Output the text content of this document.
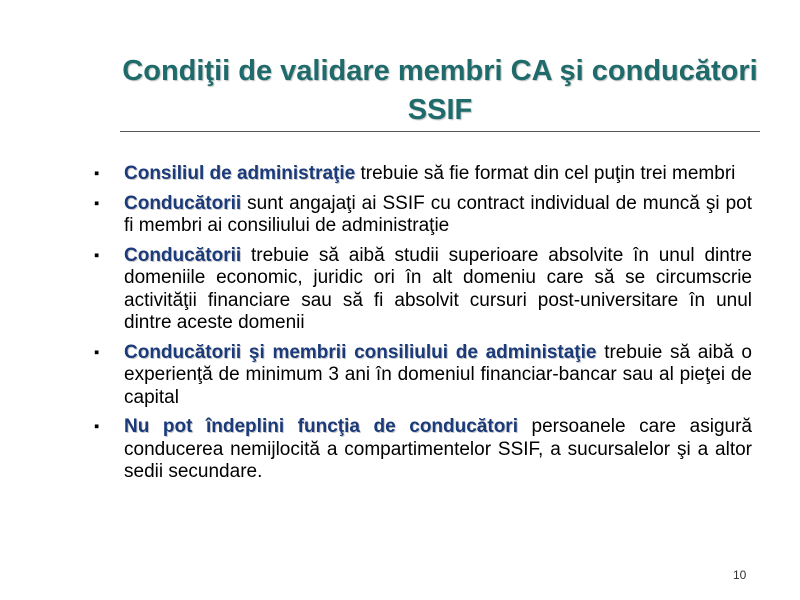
Condiţii de validare membri CA şi conducători SSIF
▪ Consiliul de administraţie trebuie să fie format din cel puţin trei membri
▪ Conducătorii sunt angajaţi ai SSIF cu contract individual de muncă şi pot fi membri ai consiliului de administraţie
▪ Conducătorii trebuie să aibă studii superioare absolvite în unul dintre domeniile economic, juridic ori în alt domeniu care să se circumscrie activităţii financiare sau să fi absolvit cursuri post-universitare în unul dintre aceste domenii
▪ Conducătorii şi membrii consiliului de administaţie trebuie să aibă o experienţă de minimum 3 ani în domeniul financiar-bancar sau al pieţei de capital
▪ Nu pot îndeplini funcţia de conducători persoanele care asigură conducerea nemijlocită a compartimentelor SSIF, a sucursalelor şi a altor sedii secundare.
10
